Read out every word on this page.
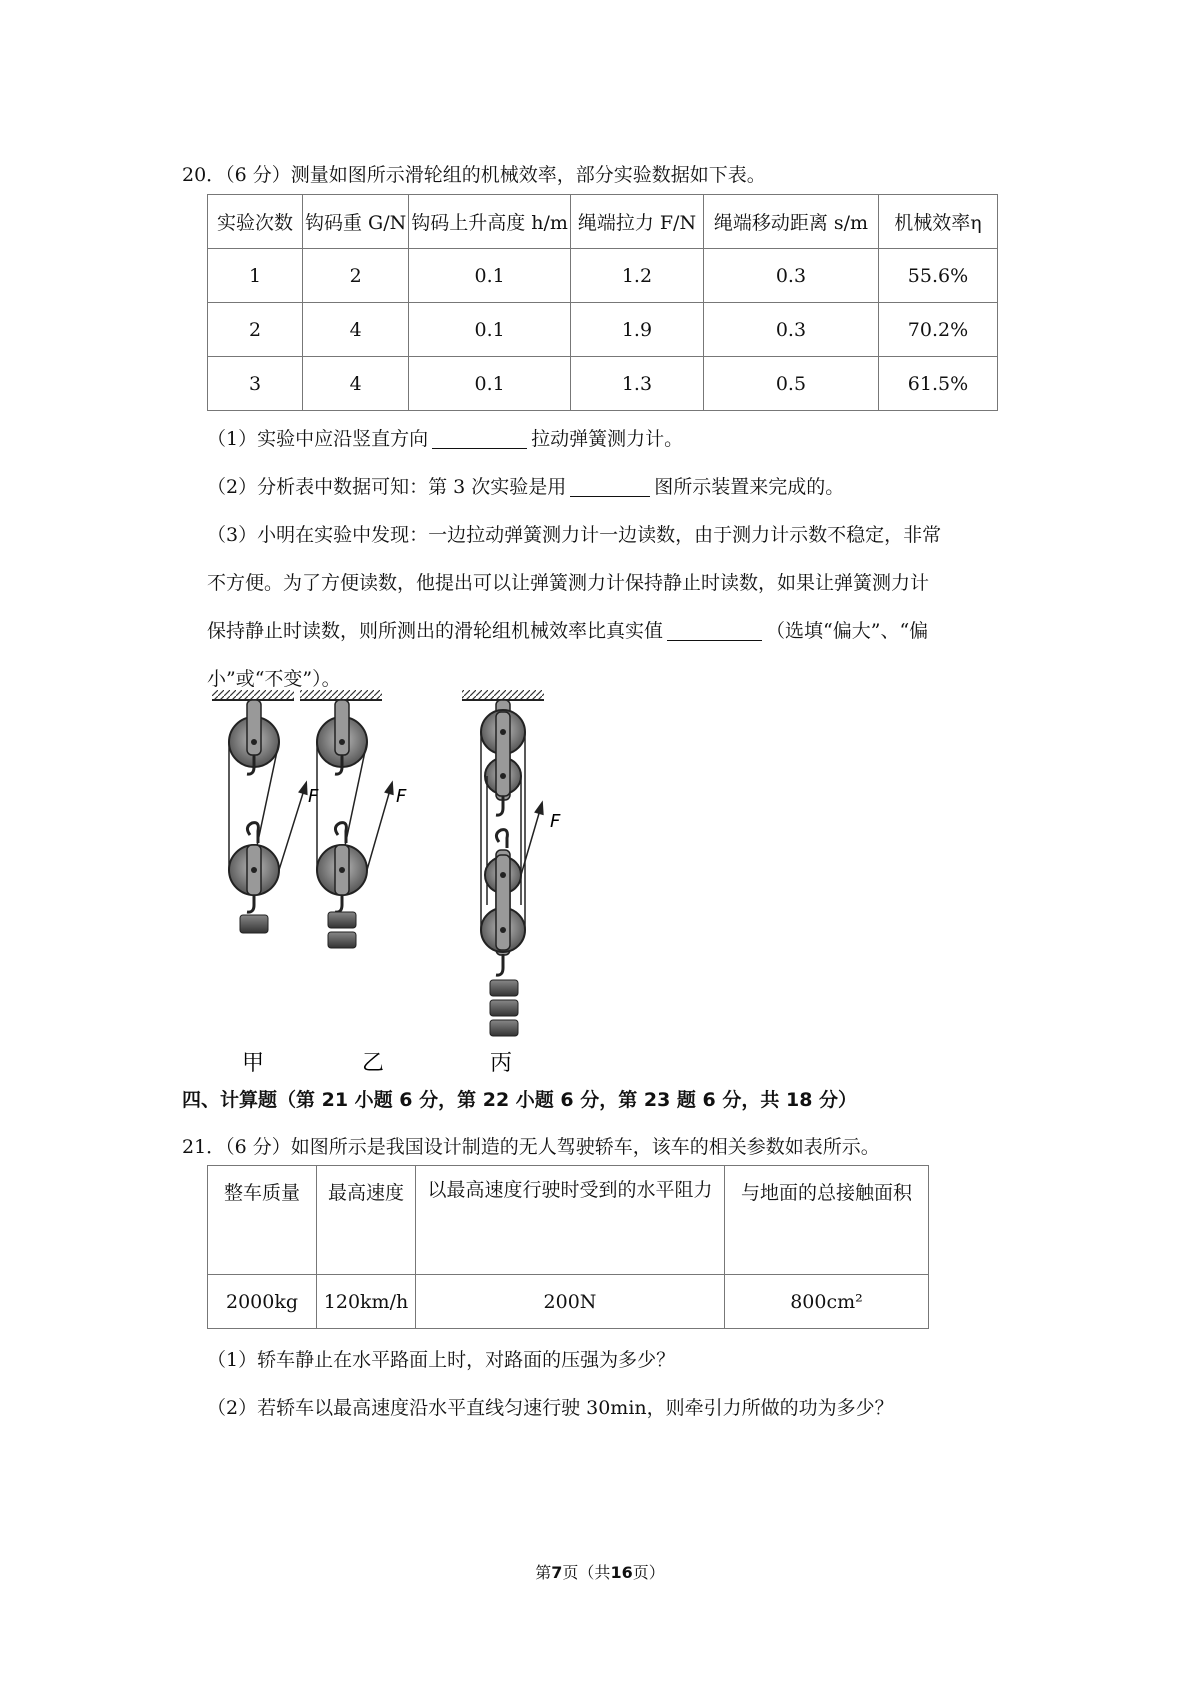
20．（6 分）测量如图所示滑轮组的机械效率，部分实验数据如下表。
实验次数	钩码重 G/N	钩码上升高度 h/m	绳端拉力 F/N	绳端移动距离 s/m	机械效率η
1	2	0.1	1.2	0.3	55.6%
2	4	0.1	1.9	0.3	70.2%
3	4	0.1	1.3	0.5	61.5%
（1）实验中应沿竖直方向	拉动弹簧测力计。
（2）分析表中数据可知：第 3 次实验是用	图所示装置来完成的。
（3）小明在实验中发现：一边拉动弹簧测力计一边读数，由于测力计示数不稳定，非常
不方便。为了方便读数，他提出可以让弹簧测力计保持静止时读数，如果让弹簧测力计
保持静止时读数，则所测出的滑轮组机械效率比真实值	（选填“偏大”、“偏
小”或“不变”）。
F	F
F
甲	乙	丙
四、计算题（第 21 小题 6 分，第 22 小题 6 分，第 23 题 6 分，共 18 分）
21．（6 分）如图所示是我国设计制造的无人驾驶轿车，该车的相关参数如表所示。
整车质量	最高速度	以最高速度行驶时受到的水平阻力	与地面的总接触面积
2000kg	120km/h	200N	800cm²
（1）轿车静止在水平路面上时，对路面的压强为多少？
（2）若轿车以最高速度沿水平直线匀速行驶 30min，则牵引力所做的功为多少？
第7页（共16页）
